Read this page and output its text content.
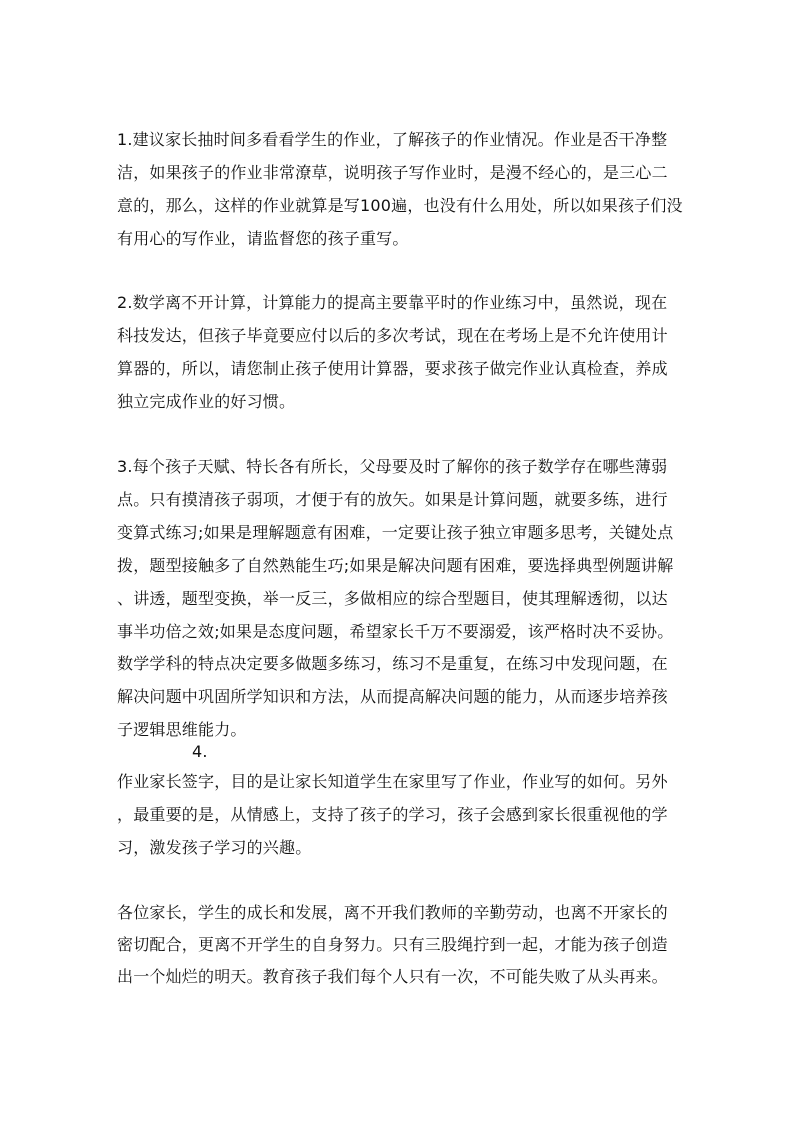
1.建议家长抽时间多看看学生的作业，了解孩子的作业情况。作业是否干净整
洁，如果孩子的作业非常潦草，说明孩子写作业时，是漫不经心的，是三心二
意的，那么，这样的作业就算是写100遍，也没有什么用处，所以如果孩子们没
有用心的写作业，请监督您的孩子重写。
2.数学离不开计算，计算能力的提高主要靠平时的作业练习中，虽然说，现在
科技发达，但孩子毕竟要应付以后的多次考试，现在在考场上是不允许使用计
算器的，所以，请您制止孩子使用计算器，要求孩子做完作业认真检查，养成
独立完成作业的好习惯。
3.每个孩子天赋、特长各有所长，父母要及时了解你的孩子数学存在哪些薄弱
点。只有摸清孩子弱项，才便于有的放矢。如果是计算问题，就要多练，进行
变算式练习;如果是理解题意有困难，一定要让孩子独立审题多思考，关键处点
拨，题型接触多了自然熟能生巧;如果是解决问题有困难，要选择典型例题讲解
、讲透，题型变换，举一反三，多做相应的综合型题目，使其理解透彻，以达
事半功倍之效;如果是态度问题，希望家长千万不要溺爱，该严格时决不妥协。
数学学科的特点决定要多做题多练习，练习不是重复，在练习中发现问题，在
解决问题中巩固所学知识和方法，从而提高解决问题的能力，从而逐步培养孩
子逻辑思维能力。
4.
作业家长签字，目的是让家长知道学生在家里写了作业，作业写的如何。另外
，最重要的是，从情感上，支持了孩子的学习，孩子会感到家长很重视他的学
习，激发孩子学习的兴趣。
各位家长，学生的成长和发展，离不开我们教师的辛勤劳动，也离不开家长的
密切配合，更离不开学生的自身努力。只有三股绳拧到一起，才能为孩子创造
出一个灿烂的明天。教育孩子我们每个人只有一次，不可能失败了从头再来。
